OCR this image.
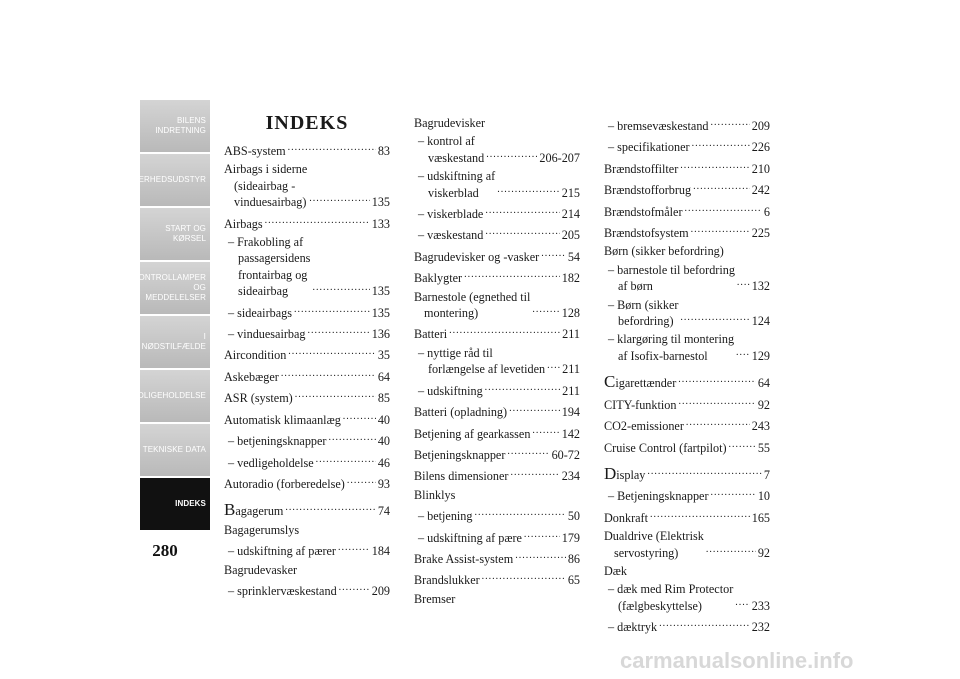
BILENS
INDRETNING
SIKKERHEDSUDSTYR
START OG KØRSEL
KONTROLLAMPER
OG MEDDELELSER
I NØDSTILFÆLDE
VEDLIGEHOLDELSE
TEKNISKE DATA
INDEKS
280
INDEKS
ABS-system .....	83
Airbags i siderne
(sideairbag -
vinduesairbag) .....	135
Airbags .....	133
– Frakobling af
passagersidens
frontairbag og
sideairbag .....	135
– sideairbags .....	135
– vinduesairbag .....	136
Aircondition .....	35
Askebæger .....	64
ASR (system) .....	85
Automatisk klimaanlæg .....	40
– betjeningsknapper .....	40
– vedligeholdelse .....	46
Autoradio (forberedelse) .....	93
Bagagerum .....	74
Bagagerumslys
– udskiftning af pærer .....	184
Bagrudevasker
– sprinklervæskestand .....	209
Bagrudevisker
– kontrol af
væskestand .....	206-207
– udskiftning af
viskerblad .....	215
– viskerblade .....	214
– væskestand .....	205
Bagrudevisker og -vasker ..... 54
Baklygter .....	182
Barnestole (egnethed til
montering) .....	128
Batteri .....	211
– nyttige råd til
forlængelse af levetiden ..... 211
– udskiftning .....	211
Batteri (opladning) .....	194
Betjening af gearkassen .....	142
Betjeningsknapper .....	60-72
Bilens dimensioner .....	234
Blinklys
– betjening .....	50
– udskiftning af pære .....	179
Brake Assist-system .....	86
Brandslukker .....	65
Bremser
– bremsevæskestand .....	209
– specifikationer .....	226
Brændstoffilter .....	210
Brændstofforbrug .....	242
Brændstofmåler .....	6
Brændstofsystem .....	225
Børn (sikker befordring)
– barnestole til befordring
af børn .....	132
– Børn (sikker
befordring) .....	124
– klargøring til montering
af Isofix-barnestol .....	129
Cigarettænder .....	64
CITY-funktion .....	92
CO2-emissioner .....	243
Cruise Control (fartpilot) .....	55
Display .....	7
– Betjeningsknapper .....	10
Donkraft .....	165
Dualdrive (Elektrisk
servostyring) .....	92
Dæk
– dæk med Rim Protector
(fælgbeskyttelse) .....	233
– dæktryk .....	232
carmanualsonline.info
